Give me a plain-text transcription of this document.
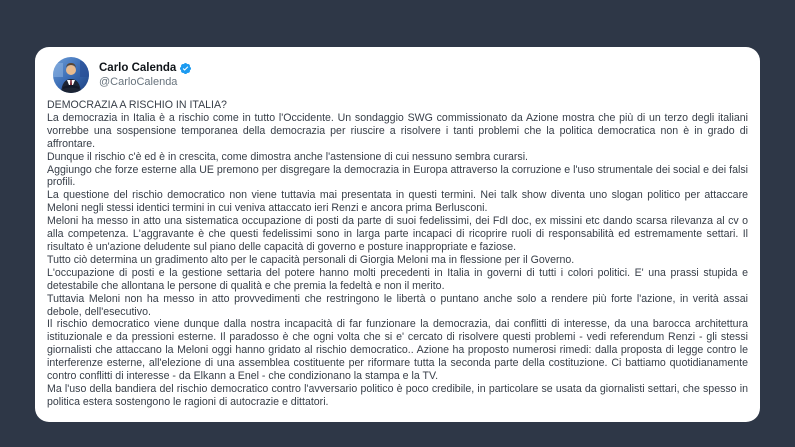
Carlo Calenda
@CarloCalenda

DEMOCRAZIA A RISCHIO IN ITALIA?

La democrazia in Italia è a rischio come in tutto l'Occidente. Un sondaggio SWG commissionato da Azione mostra che più di un terzo degli italiani vorrebbe una sospensione temporanea della democrazia per riuscire a risolvere i tanti problemi che la politica democratica non è in grado di affrontare.

Dunque il rischio c'è ed è in crescita, come dimostra anche l'astensione di cui nessuno sembra curarsi.

Aggiungo che forze esterne alla UE premono per disgregare la democrazia in Europa attraverso la corruzione e l'uso strumentale dei social e dei falsi profili.

La questione del rischio democratico non viene tuttavia mai presentata in questi termini. Nei talk show diventa uno slogan politico per attaccare Meloni negli stessi identici termini in cui veniva attaccato ieri Renzi e ancora prima Berlusconi.

Meloni ha messo in atto una sistematica occupazione di posti da parte di suoi fedelissimi, dei FdI doc, ex missini etc dando scarsa rilevanza al cv o alla competenza. L'aggravante è che questi fedelissimi sono in larga parte incapaci di ricoprire ruoli di responsabilità ed estremamente settari. Il risultato è un'azione deludente sul piano delle capacità di governo e posture inappropriate e faziose.

Tutto ciò determina un gradimento alto per le capacità personali di Giorgia Meloni ma in flessione per il Governo.

L'occupazione di posti e la gestione settaria del potere hanno molti precedenti in Italia in governi di tutti i colori politici. E' una prassi stupida e detestabile che allontana le persone di qualità e che premia la fedeltà e non il merito.

Tuttavia Meloni non ha messo in atto provvedimenti che restringono le libertà o puntano anche solo a rendere più forte l'azione, in verità assai debole, dell'esecutivo.

Il rischio democratico viene dunque dalla nostra incapacità di far funzionare la democrazia, dai conflitti di interesse, da una barocca architettura istituzionale e da pressioni esterne. Il paradosso è che ogni volta che si e' cercato di risolvere questi problemi - vedi referendum Renzi - gli stessi giornalisti che attaccano la Meloni oggi hanno gridato al rischio democratico.. Azione ha proposto numerosi rimedi: dalla proposta di legge contro le interferenze esterne, all'elezione di una assemblea costituente per riformare tutta la seconda parte della costituzione. Ci battiamo quotidianamente contro conflitti di interesse - da Elkann a Enel - che condizionano la stampa e la TV.

Ma l'uso della bandiera del rischio democratico contro l'avversario politico è poco credibile, in particolare se usata da giornalisti settari, che spesso in politica estera sostengono le ragioni di autocrazie e dittatori.
